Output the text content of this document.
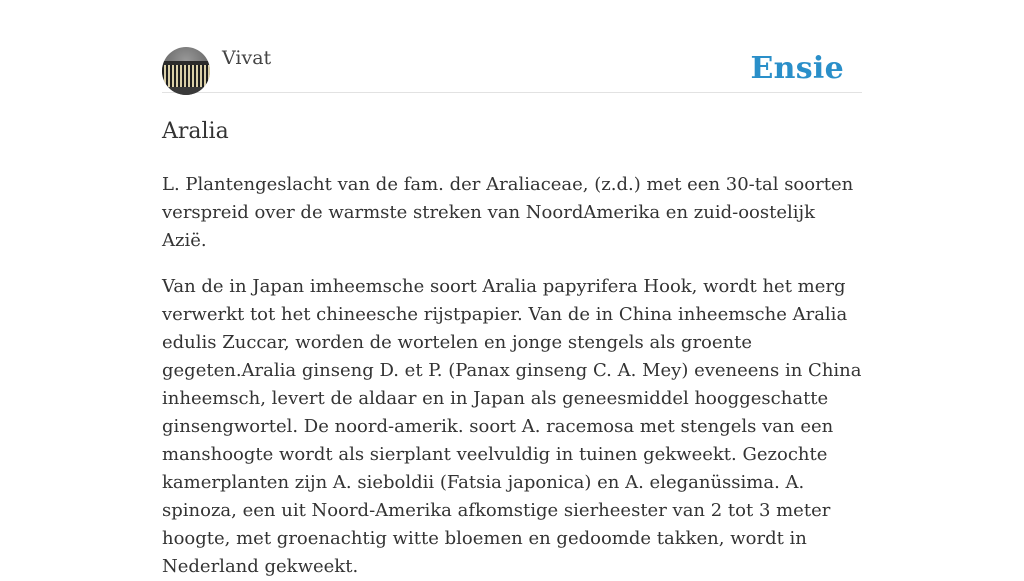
Vivat	Ensie
Aralia

L. Plantengeslacht van de fam. der Araliaceae, (z.d.) met een 30-tal soorten verspreid over de warmste streken van NoordAmerika en zuid-oostelijk Azië.

Van de in Japan imheemsche soort Aralia papyrifera Hook, wordt het merg verwerkt tot het chineesche rijstpapier. Van de in China inheemsche Aralia edulis Zuccar, worden de wortelen en jonge stengels als groente gegeten.Aralia ginseng D. et P. (Panax ginseng C. A. Mey) eveneens in China inheemsch, levert de aldaar en in Japan als geneesmiddel hooggeschatte ginsengwortel. De noord-amerik. soort A. racemosa met stengels van een manshoogte wordt als sierplant veelvuldig in tuinen gekweekt. Gezochte kamerplanten zijn A. sieboldii (Fatsia japonica) en A. eleganüssima. A. spinoza, een uit Noord-Amerika afkomstige sierheester van 2 tot 3 meter hoogte, met groenachtig witte bloemen en gedoomde takken, wordt in Nederland gekweekt.
